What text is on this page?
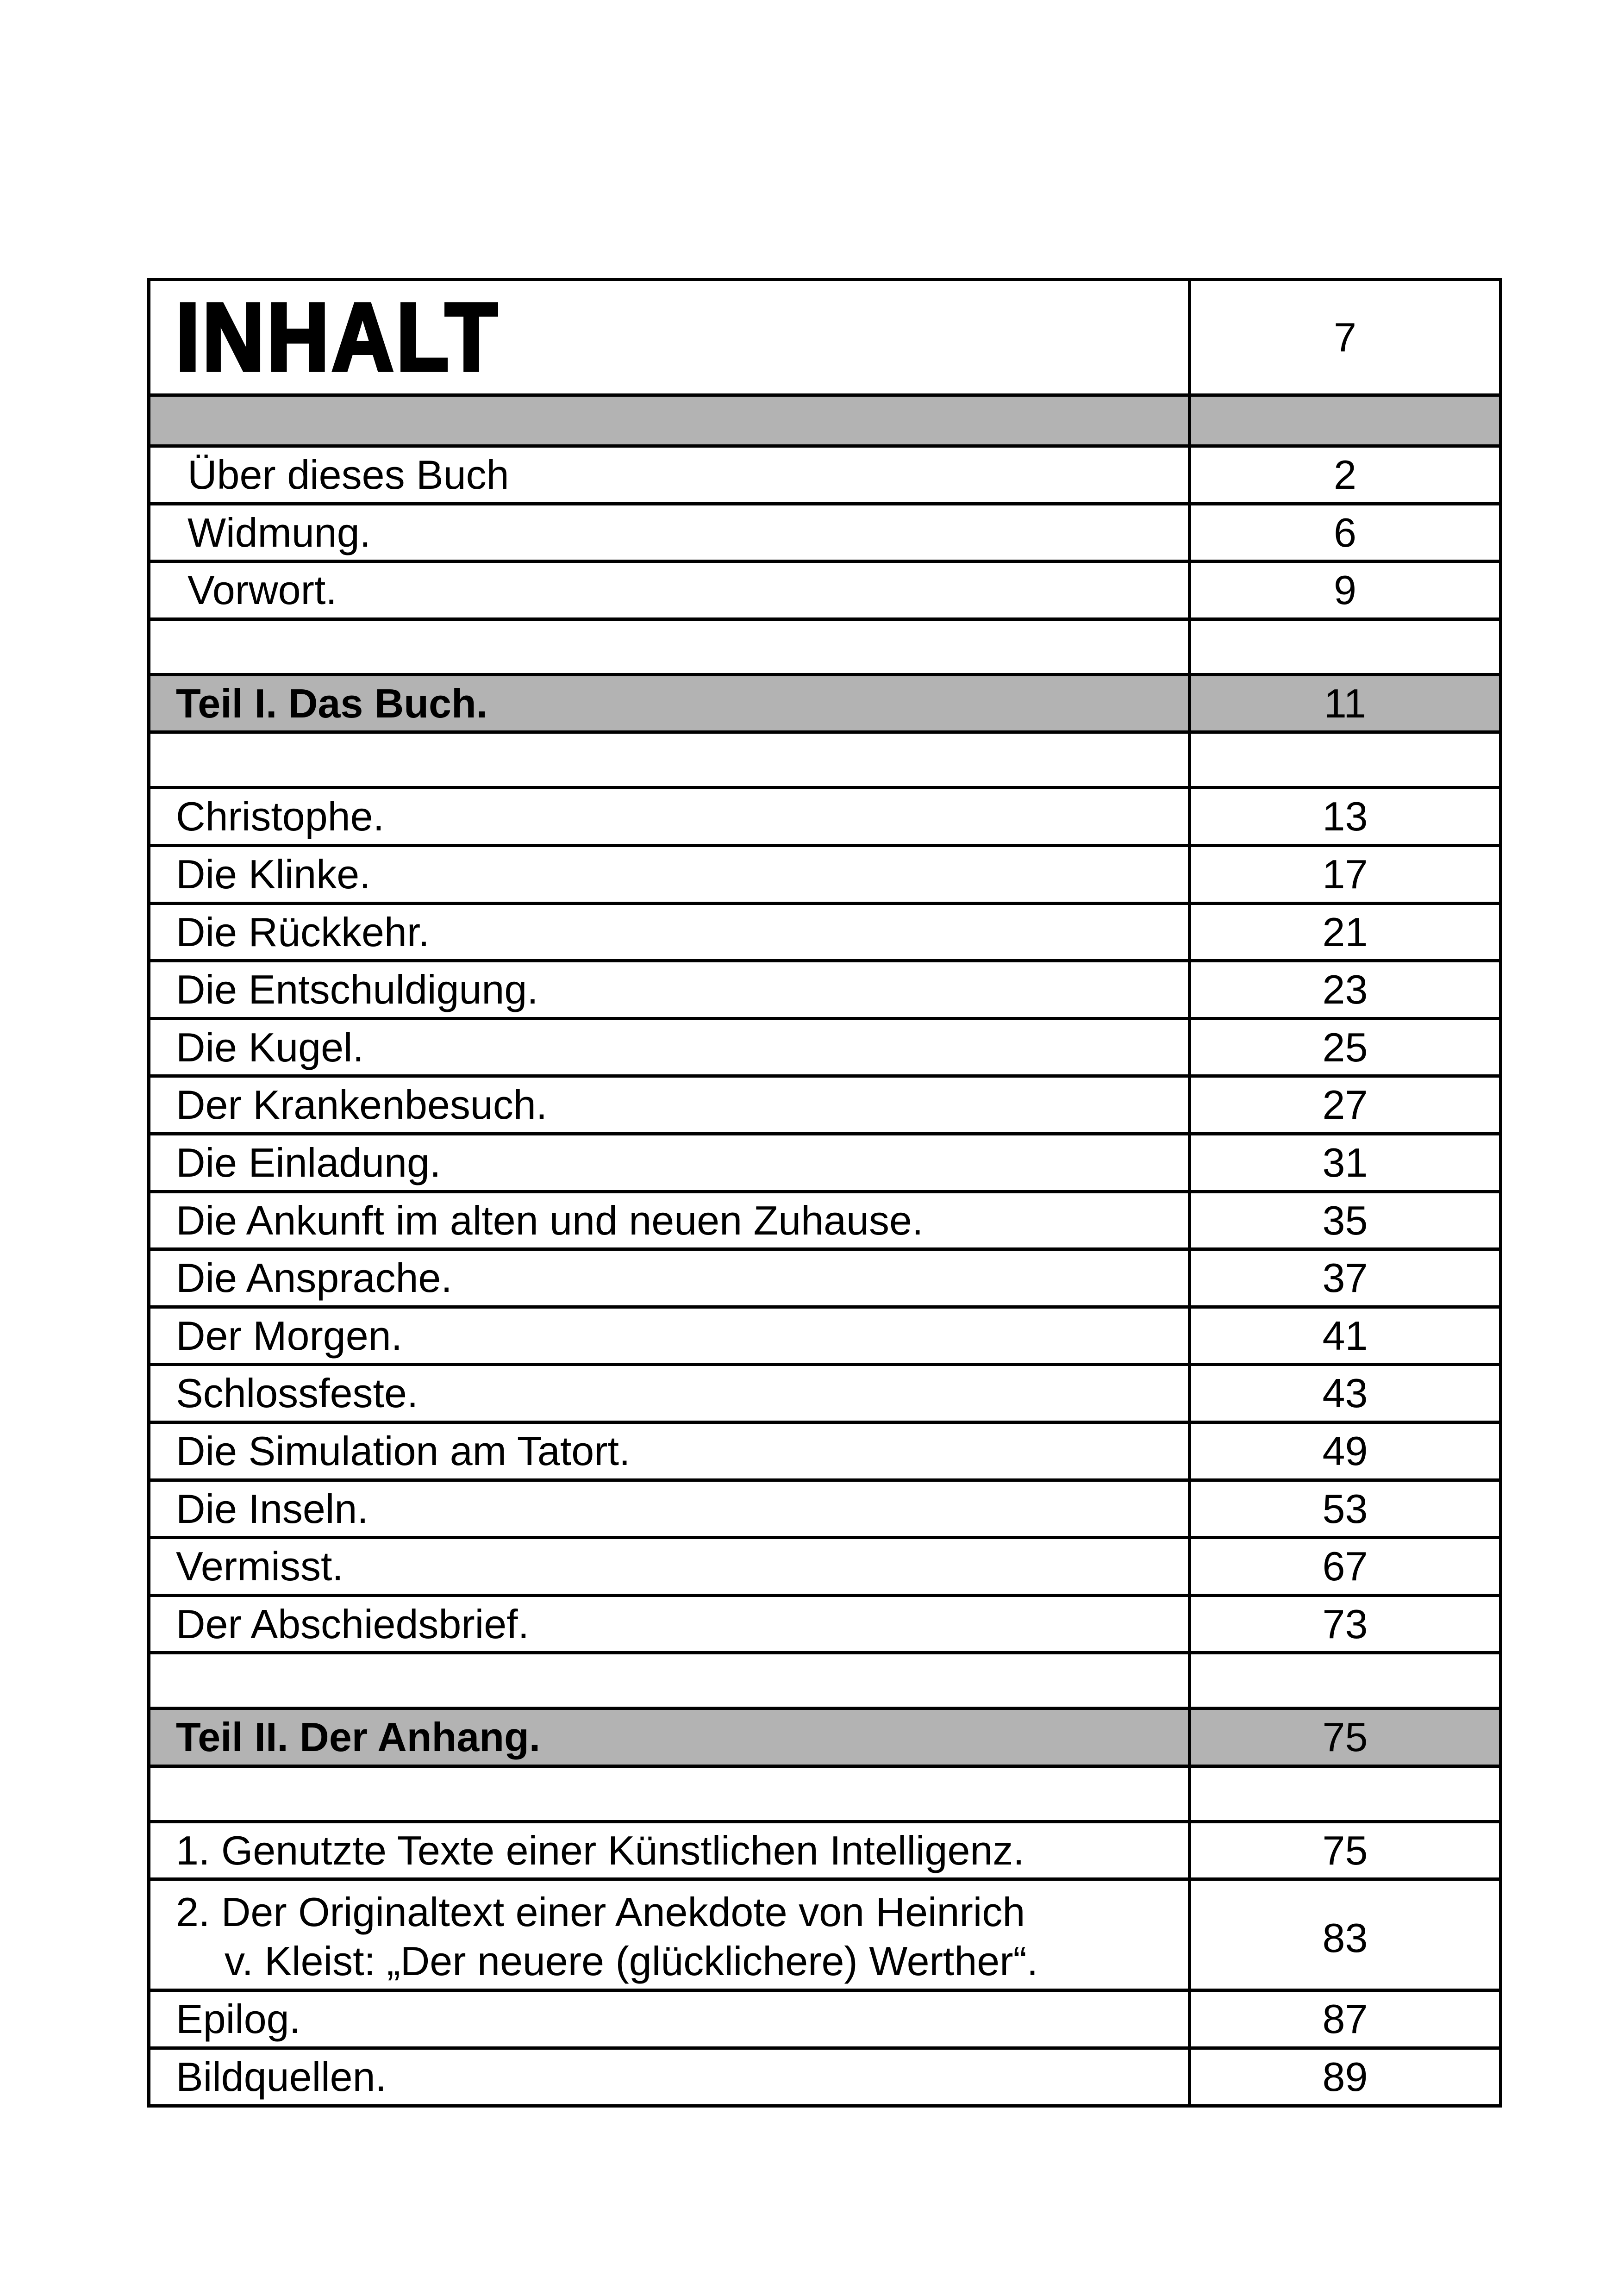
INHALT	7

Über dieses Buch	2
Widmung.	6
Vorwort.	9

Teil I. Das Buch.	11

Christophe.	13
Die Klinke.	17
Die Rückkehr.	21
Die Entschuldigung.	23
Die Kugel.	25
Der Krankenbesuch.	27
Die Einladung.	31
Die Ankunft im alten und neuen Zuhause.	35
Die Ansprache.	37
Der Morgen.	41
Schlossfeste.	43
Die Simulation am Tatort.	49
Die Inseln.	53
Vermisst.	67
Der Abschiedsbrief.	73

Teil II. Der Anhang.	75

1. Genutzte Texte einer Künstlichen Intelligenz.	75

2. Der Originaltext einer Anekdote von Heinrich
v. Kleist: „Der neuere (glücklichere) Werther“.	83
Epilog.	87
Bildquellen.	89
